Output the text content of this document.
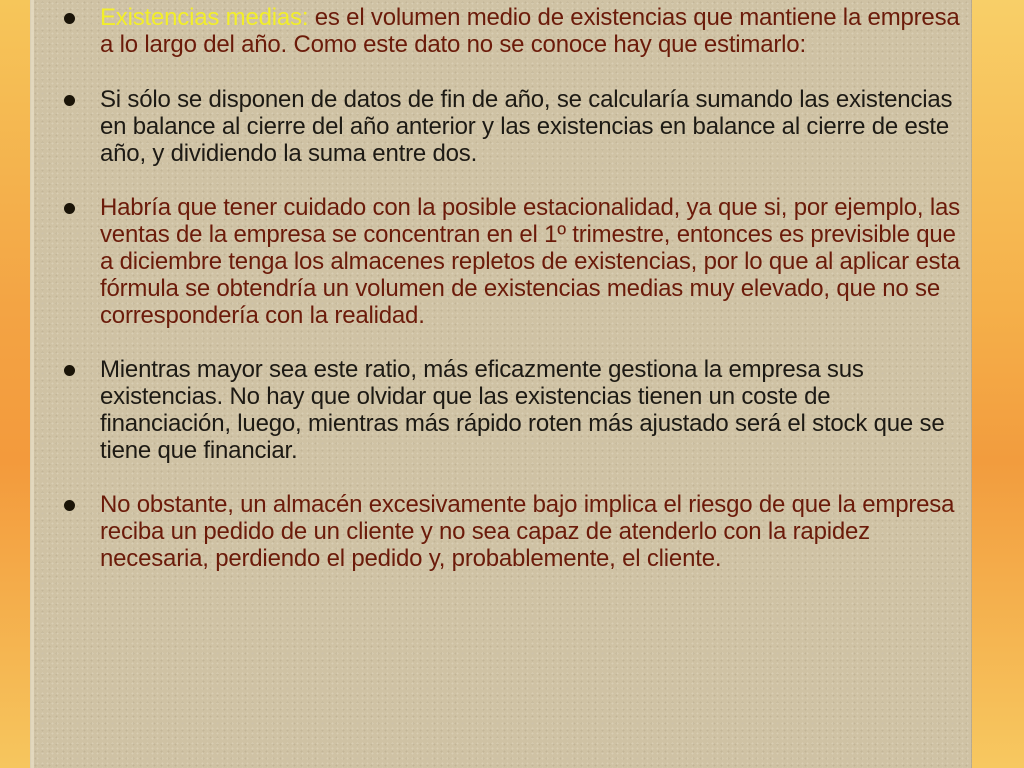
Existencias medias: es el volumen medio de existencias que mantiene la empresa a lo largo del año. Como este dato no se conoce hay que estimarlo:
Si sólo se disponen de datos de fin de año, se calcularía sumando las existencias en balance al cierre del año anterior y las existencias en balance al cierre de este año, y dividiendo la suma entre dos.
Habría que tener cuidado con la posible estacionalidad, ya que si, por ejemplo, las ventas de la empresa se concentran en el 1º trimestre, entonces es previsible que a diciembre tenga los almacenes repletos de existencias, por lo que al aplicar esta fórmula se obtendría un volumen de existencias medias muy elevado, que no se correspondería con la realidad.
Mientras mayor sea este ratio, más eficazmente gestiona la empresa sus existencias. No hay que olvidar que las existencias tienen un coste de financiación, luego, mientras más rápido roten más ajustado será el stock que se tiene que financiar.
No obstante, un almacén excesivamente bajo implica el riesgo de que la empresa reciba un pedido de un cliente y no sea capaz de atenderlo con la rapidez necesaria, perdiendo el pedido y, probablemente, el cliente.
